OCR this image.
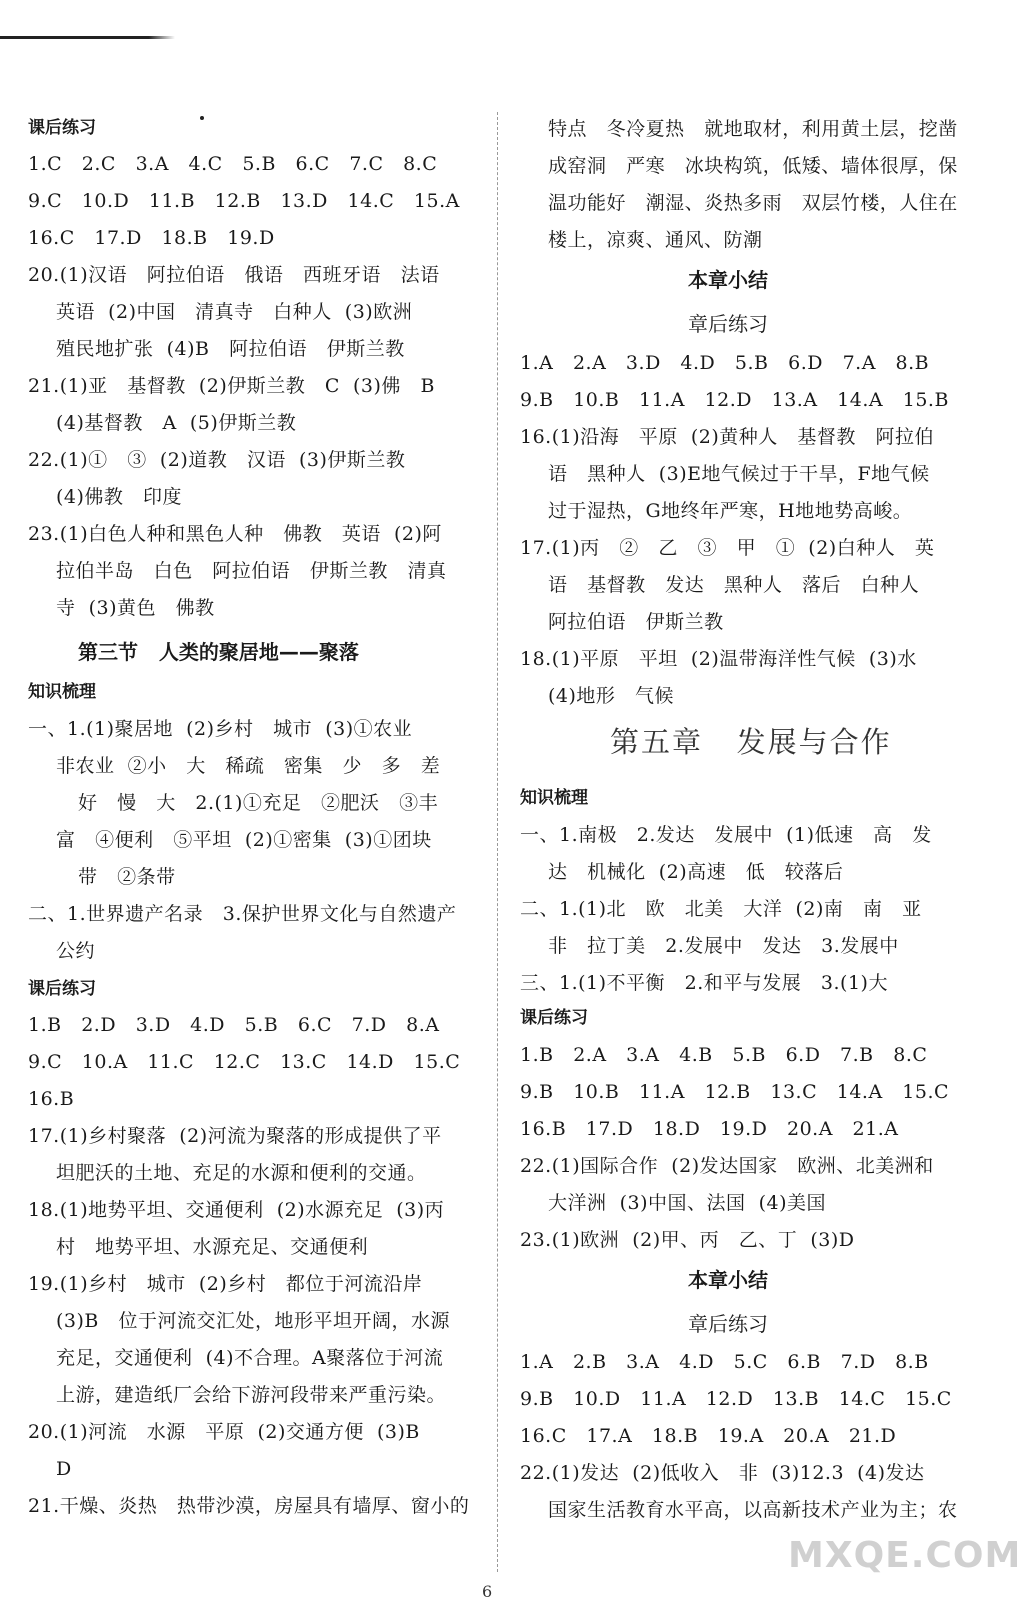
课后练习
1.C   2.C   3.A   4.C   5.B   6.C   7.C   8.C
9.C   10.D   11.B   12.B   13.D   14.C   15.A
16.C   17.D   18.B   19.D
20.(1)汉语   阿拉伯语   俄语   西班牙语   法语
英语  (2)中国   清真寺   白种人  (3)欧洲
殖民地扩张  (4)B   阿拉伯语   伊斯兰教
21.(1)亚   基督教  (2)伊斯兰教   C  (3)佛   B
(4)基督教   A  (5)伊斯兰教
22.(1)①   ③  (2)道教   汉语  (3)伊斯兰教
(4)佛教   印度
23.(1)白色人种和黑色人种   佛教   英语  (2)阿
拉伯半岛   白色   阿拉伯语   伊斯兰教   清真
寺  (3)黄色   佛教
第三节   人类的聚居地——聚落
知识梳理
一、1.(1)聚居地  (2)乡村   城市  (3)①农业
非农业  ②小   大   稀疏   密集   少   多   差
好   慢   大   2.(1)①充足   ②肥沃   ③丰
富   ④便利   ⑤平坦  (2)①密集  (3)①团块
带   ②条带
二、1.世界遗产名录   3.保护世界文化与自然遗产
公约
课后练习
1.B   2.D   3.D   4.D   5.B   6.C   7.D   8.A
9.C   10.A   11.C   12.C   13.C   14.D   15.C
16.B
17.(1)乡村聚落  (2)河流为聚落的形成提供了平
坦肥沃的土地、充足的水源和便利的交通。
18.(1)地势平坦、交通便利  (2)水源充足  (3)丙
村   地势平坦、水源充足、交通便利
19.(1)乡村   城市  (2)乡村   都位于河流沿岸
(3)B   位于河流交汇处，地形平坦开阔，水源
充足，交通便利  (4)不合理。A聚落位于河流
上游，建造纸厂会给下游河段带来严重污染。
20.(1)河流   水源   平原  (2)交通方便  (3)B
D
21.干燥、炎热   热带沙漠，房屋具有墙厚、窗小的
特点   冬冷夏热   就地取材，利用黄土层，挖凿
成窑洞   严寒   冰块构筑，低矮、墙体很厚，保
温功能好   潮湿、炎热多雨   双层竹楼，人住在
楼上，凉爽、通风、防潮
本章小结
章后练习
1.A   2.A   3.D   4.D   5.B   6.D   7.A   8.B
9.B   10.B   11.A   12.D   13.A   14.A   15.B
16.(1)沿海   平原  (2)黄种人   基督教   阿拉伯
语   黑种人  (3)E地气候过于干旱，F地气候
过于湿热，G地终年严寒，H地地势高峻。
17.(1)丙   ②   乙   ③   甲   ①  (2)白种人   英
语   基督教   发达   黑种人   落后   白种人
阿拉伯语   伊斯兰教
18.(1)平原   平坦  (2)温带海洋性气候  (3)水
(4)地形   气候
第五章   发展与合作
知识梳理
一、1.南极   2.发达   发展中  (1)低速   高   发
达   机械化  (2)高速   低   较落后
二、1.(1)北   欧   北美   大洋  (2)南   南   亚
非   拉丁美   2.发展中   发达   3.发展中
三、1.(1)不平衡   2.和平与发展   3.(1)大
课后练习
1.B   2.A   3.A   4.B   5.B   6.D   7.B   8.C
9.B   10.B   11.A   12.B   13.C   14.A   15.C
16.B   17.D   18.D   19.D   20.A   21.A
22.(1)国际合作  (2)发达国家   欧洲、北美洲和
大洋洲  (3)中国、法国  (4)美国
23.(1)欧洲  (2)甲、丙   乙、丁  (3)D
本章小结
章后练习
1.A   2.B   3.A   4.D   5.C   6.B   7.D   8.B
9.B   10.D   11.A   12.D   13.B   14.C   15.C
16.C   17.A   18.B   19.A   20.A   21.D
22.(1)发达  (2)低收入   非  (3)12.3  (4)发达
国家生活教育水平高，以高新技术产业为主；农
MXQE.COM
6
